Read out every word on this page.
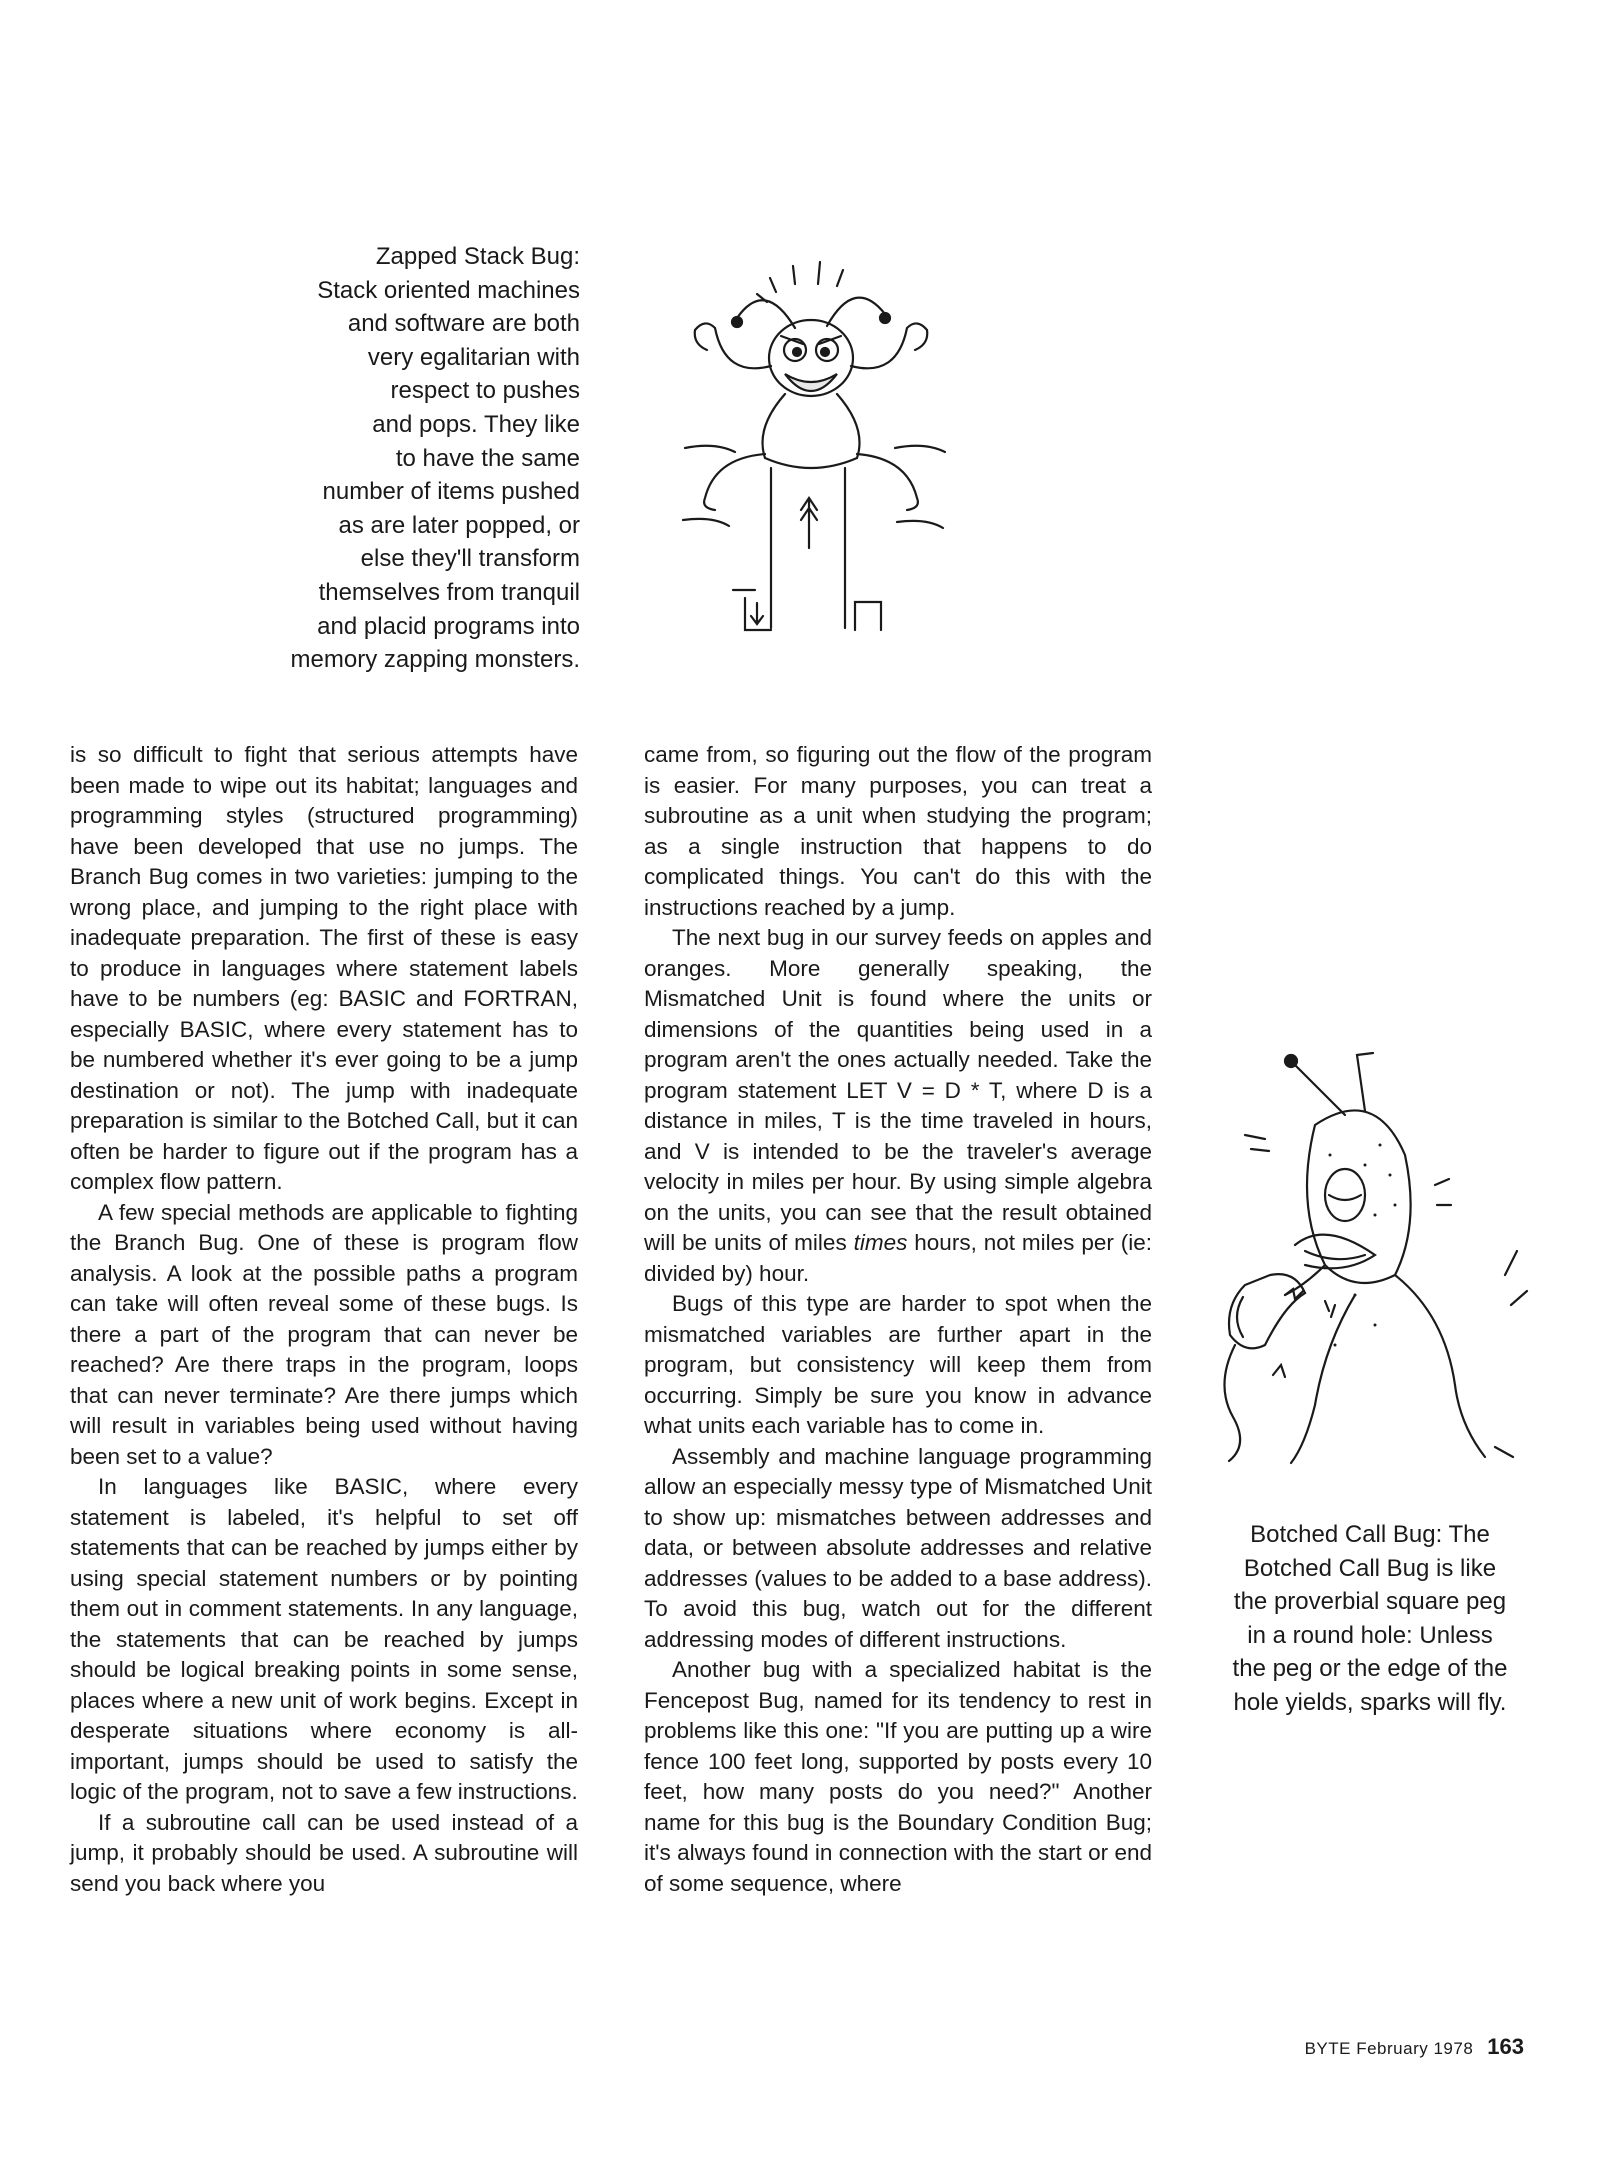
Zapped Stack Bug:
Stack oriented machines
and software are both
very egalitarian with
respect to pushes
and pops. They like
to have the same
number of items pushed
as are later popped, or
else they'll transform
themselves from tranquil
and placid programs into
memory zapping monsters.

is so difficult to fight that serious attempts have been made to wipe out its habitat; languages and programming styles (structured programming) have been developed that use no jumps. The Branch Bug comes in two varieties: jumping to the wrong place, and jumping to the right place with inadequate preparation. The first of these is easy to produce in languages where statement labels have to be numbers (eg: BASIC and FORTRAN, especially BASIC, where every statement has to be numbered whether it's ever going to be a jump destination or not). The jump with inadequate preparation is similar to the Botched Call, but it can often be harder to figure out if the program has a complex flow pattern.

A few special methods are applicable to fighting the Branch Bug. One of these is program flow analysis. A look at the possible paths a program can take will often reveal some of these bugs. Is there a part of the program that can never be reached? Are there traps in the program, loops that can never terminate? Are there jumps which will result in variables being used without having been set to a value?

In languages like BASIC, where every statement is labeled, it's helpful to set off statements that can be reached by jumps either by using special statement numbers or by pointing them out in comment statements. In any language, the statements that can be reached by jumps should be logical breaking points in some sense, places where a new unit of work begins. Except in desperate situations where economy is all-important, jumps should be used to satisfy the logic of the program, not to save a few instructions.

If a subroutine call can be used instead of a jump, it probably should be used. A subroutine will send you back where you

came from, so figuring out the flow of the program is easier. For many purposes, you can treat a subroutine as a unit when studying the program; as a single instruction that happens to do complicated things. You can't do this with the instructions reached by a jump.

The next bug in our survey feeds on apples and oranges. More generally speaking, the Mismatched Unit is found where the units or dimensions of the quantities being used in a program aren't the ones actually needed. Take the program statement LET V = D * T, where D is a distance in miles, T is the time traveled in hours, and V is intended to be the traveler's average velocity in miles per hour. By using simple algebra on the units, you can see that the result obtained will be units of miles times hours, not miles per (ie: divided by) hour.

Bugs of this type are harder to spot when the mismatched variables are further apart in the program, but consistency will keep them from occurring. Simply be sure you know in advance what units each variable has to come in.

Assembly and machine language programming allow an especially messy type of Mismatched Unit to show up: mismatches between addresses and data, or between absolute addresses and relative addresses (values to be added to a base address). To avoid this bug, watch out for the different addressing modes of different instructions.

Another bug with a specialized habitat is the Fencepost Bug, named for its tendency to rest in problems like this one: "If you are putting up a wire fence 100 feet long, supported by posts every 10 feet, how many posts do you need?" Another name for this bug is the Boundary Condition Bug; it's always found in connection with the start or end of some sequence, where

Botched Call Bug: The
Botched Call Bug is like
the proverbial square peg
in a round hole: Unless
the peg or the edge of the
hole yields, sparks will fly.
BYTE February 1978 163
